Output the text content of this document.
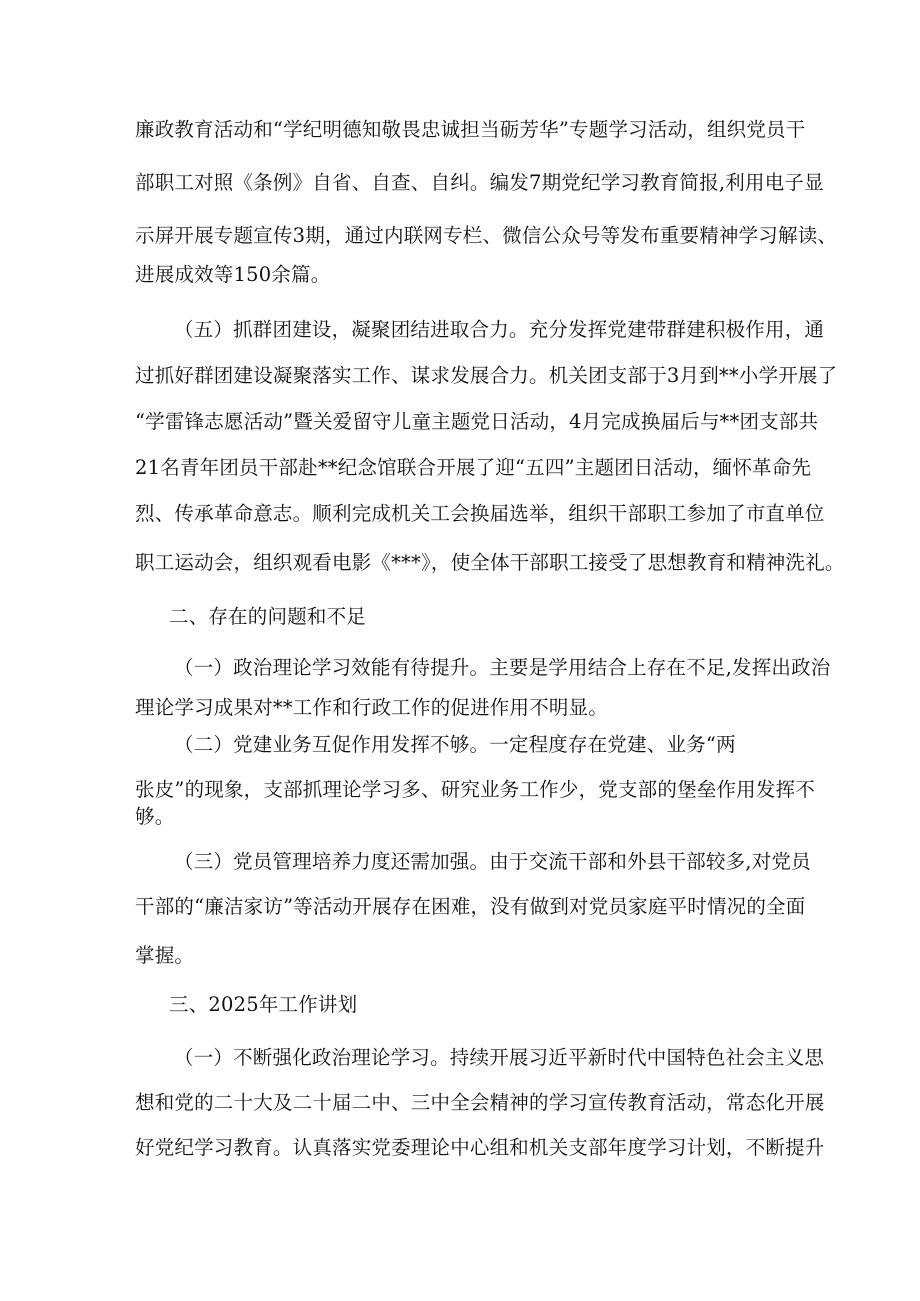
廉政教育活动和“学纪明德知敬畏忠诚担当砺芳华”专题学习活动，组织党员干
部职工对照《条例》自省、自查、自纠。编发7期党纪学习教育简报,利用电子显
示屏开展专题宣传3期，通过内联网专栏、微信公众号等发布重要精神学习解读、
进展成效等150余篇。
（五）抓群团建设，凝聚团结进取合力。充分发挥党建带群建积极作用，通
过抓好群团建设凝聚落实工作、谋求发展合力。机关团支部于3月到**小学开展了
“学雷锋志愿活动”暨关爱留守儿童主题党日活动，4月完成换届后与**团支部共
21名青年团员干部赴**纪念馆联合开展了迎“五四”主题团日活动，缅怀革命先
烈、传承革命意志。顺利完成机关工会换届选举，组织干部职工参加了市直单位
职工运动会，组织观看电影《***》，使全体干部职工接受了思想教育和精神洗礼。
二、存在的问题和不足
（一）政治理论学习效能有待提升。主要是学用结合上存在不足,发挥出政治
理论学习成果对**工作和行政工作的促进作用不明显。
（二）党建业务互促作用发挥不够。一定程度存在党建、业务“两
张皮”的现象，支部抓理论学习多、研究业务工作少，党支部的堡垒作用发挥不
够。
（三）党员管理培养力度还需加强。由于交流干部和外县干部较多,对党员
干部的“廉洁家访”等活动开展存在困难，没有做到对党员家庭平时情况的全面
掌握。
三、2025年工作讲划
（一）不断强化政治理论学习。持续开展习近平新时代中国特色社会主义思
想和党的二十大及二十届二中、三中全会精神的学习宣传教育活动，常态化开展
好党纪学习教育。认真落实党委理论中心组和机关支部年度学习计划，不断提升
